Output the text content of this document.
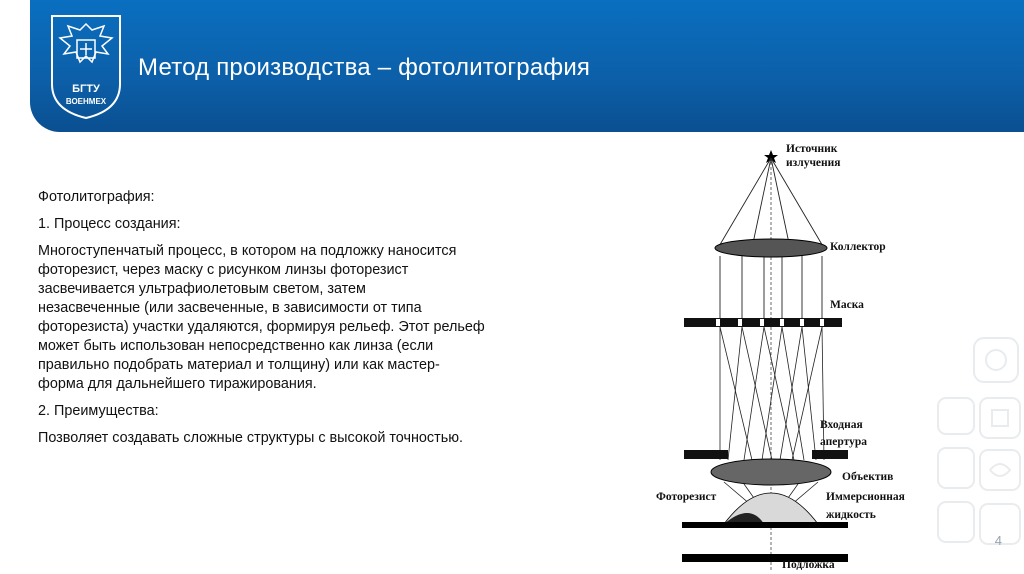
БГТУ
ВОЕНМЕХ
Метод производства – фотолитография

Фотолитография:

1. Процесс создания:

Многоступенчатый процесс, в котором на подложку наносится
фоторезист, через маску с рисунком линзы фоторезист
засвечивается ультрафиолетовым светом, затем
незасвеченные (или засвеченные, в зависимости от типа
фоторезиста) участки удаляются, формируя рельеф. Этот рельеф
может быть использован непосредственно как линза (если
правильно подобрать материал и толщину) или как мастер-
форма для дальнейшего тиражирования.

2. Преимущества:

Позволяет создавать сложные структуры с высокой точностью.

Источник
излучения
Коллектор
Маска
Входная
апертура
Объектив
Иммерсионная
жидкость
Фоторезист
Подложка
4
